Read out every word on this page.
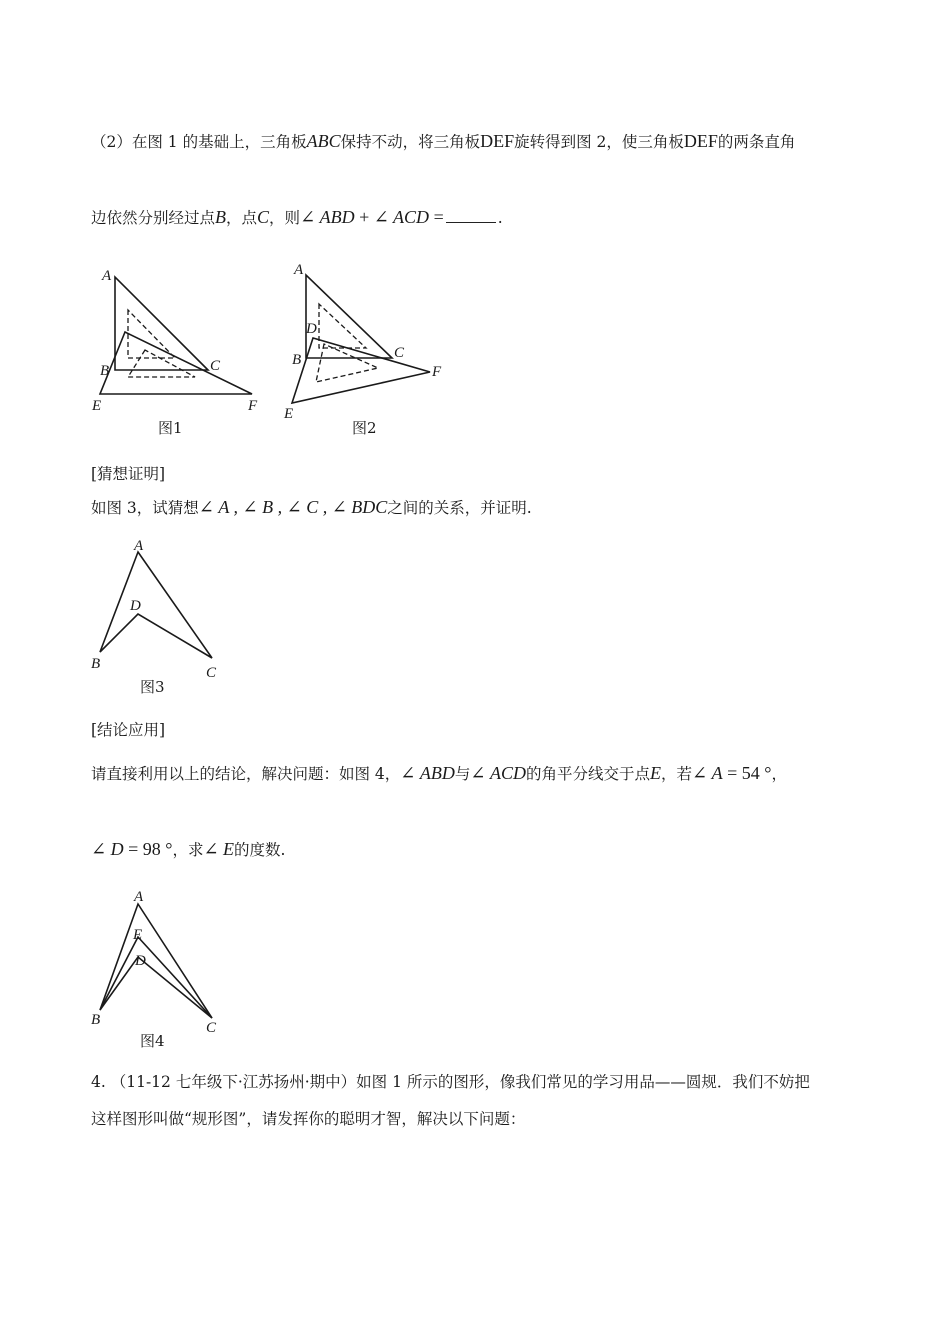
（2）在图 1 的基础上，三角板ABC保持不动，将三角板DEF旋转得到图 2，使三角板DEF的两条直角
边依然分别经过点B，点C，则∠ ABD + ∠ ACD =	.
A
B	C
E	F
图1
A
D
B	C
F
E
图2
[猜想证明]
如图 3，试猜想∠ A , ∠ B , ∠ C , ∠ BDC之间的关系，并证明.
A
D
B
C
图3
[结论应用]
请直接利用以上的结论，解决问题：如图 4，∠ ABD与∠ ACD的角平分线交于点E，若∠ A = 54 °，
∠ D = 98 °，求∠ E的度数.
A
E
D
B	C
图4
4. （11-12 七年级下·江苏扬州·期中）如图 1 所示的图形，像我们常见的学习用品——圆规．我们不妨把
这样图形叫做“规形图”，请发挥你的聪明才智，解决以下问题：
